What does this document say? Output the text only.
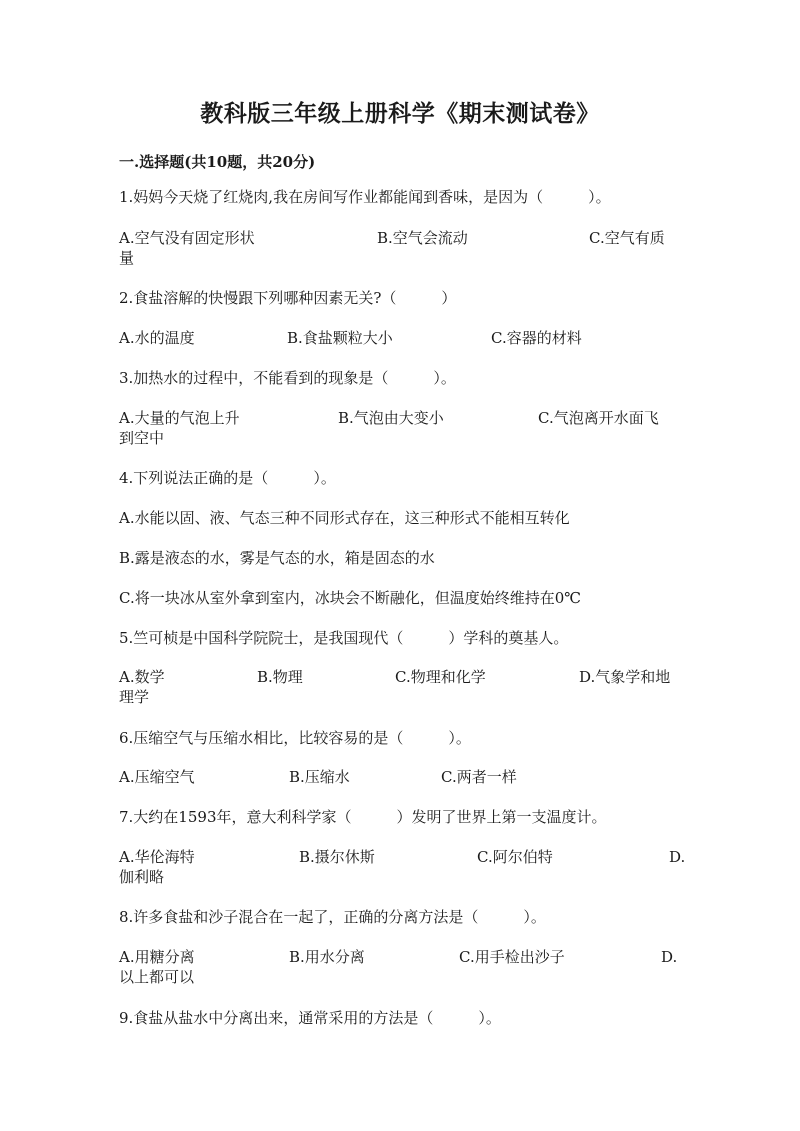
教科版三年级上册科学《期末测试卷》
一.选择题(共10题，共20分)
1.妈妈今天烧了红烧肉,我在房间写作业都能闻到香味，是因为（　　　）。
A.空气没有固定形状	B.空气会流动	C.空气有质
量
2.食盐溶解的快慢跟下列哪种因素无关?（　　　）
A.水的温度	B.食盐颗粒大小	C.容器的材料
3.加热水的过程中，不能看到的现象是（　　　）。
A.大量的气泡上升	B.气泡由大变小	C.气泡离开水面飞
到空中
4.下列说法正确的是（　　　）。
A.水能以固、液、气态三种不同形式存在，这三种形式不能相互转化
B.露是液态的水，雾是气态的水，箱是固态的水
C.将一块冰从室外拿到室内，冰块会不断融化，但温度始终维持在0℃
5.竺可桢是中国科学院院士，是我国现代（　　　）学科的奠基人。
A.数学	B.物理	C.物理和化学	D.气象学和地
理学
6.压缩空气与压缩水相比，比较容易的是（　　　）。
A.压缩空气	B.压缩水	C.两者一样
7.大约在1593年，意大利科学家（　　　）发明了世界上第一支温度计。
A.华伦海特	B.摄尔休斯	C.阿尔伯特	D.
伽利略
8.许多食盐和沙子混合在一起了，正确的分离方法是（　　　）。
A.用糖分离	B.用水分离	C.用手检出沙子	D.
以上都可以
9.食盐从盐水中分离出来，通常采用的方法是（　　　）。
